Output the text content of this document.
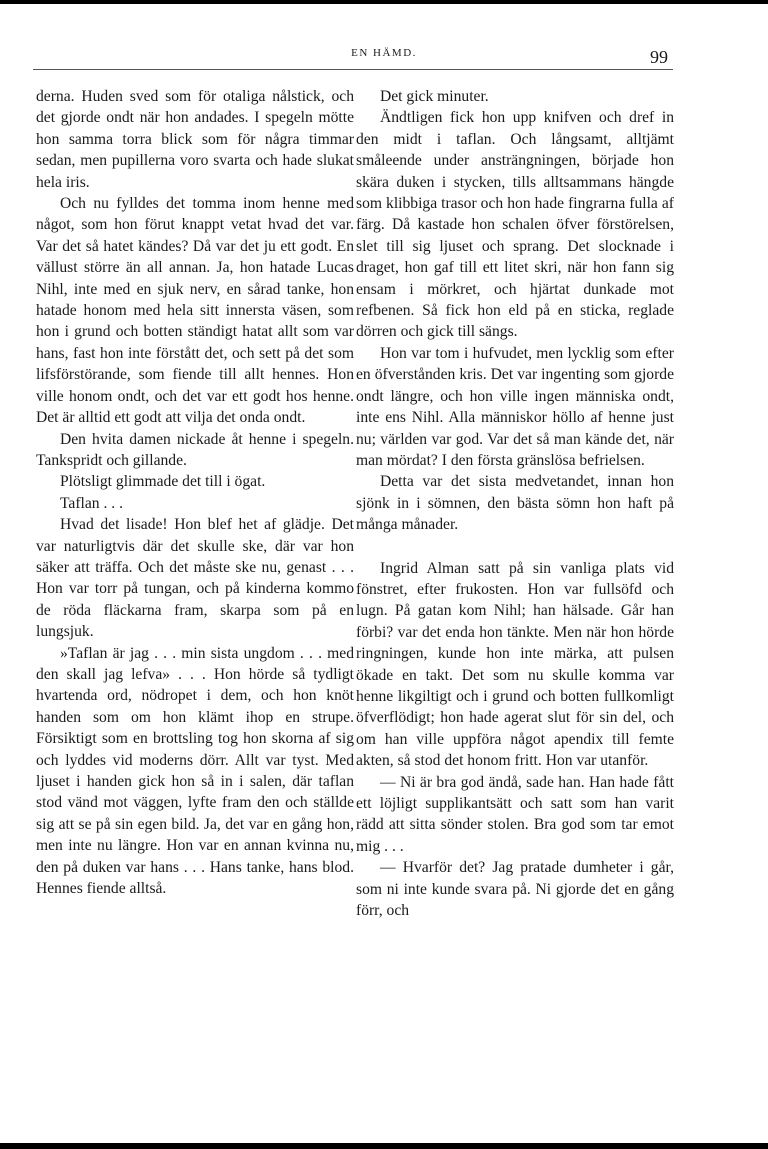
EN HÄMD.	99

derna. Huden sved som för otaliga nålstick, och det gjorde ondt när hon andades. I spegeln mötte hon samma torra blick som för några timmar sedan, men pupillerna voro svarta och hade slukat hela iris.

Och nu fylldes det tomma inom henne med något, som hon förut knappt vetat hvad det var. Var det så hatet kändes? Då var det ju ett godt. En vällust större än all annan. Ja, hon hatade Lucas Nihl, inte med en sjuk nerv, en sårad tanke, hon hatade honom med hela sitt innersta väsen, som hon i grund och botten ständigt hatat allt som var hans, fast hon inte förstått det, och sett på det som lifsförstörande, som fiende till allt hennes. Hon ville honom ondt, och det var ett godt hos henne. Det är alltid ett godt att vilja det onda ondt.

Den hvita damen nickade åt henne i spegeln. Tankspridt och gillande.

Plötsligt glimmade det till i ögat.

Taflan . . .

Hvad det lisade! Hon blef het af glädje. Det var naturligtvis där det skulle ske, där var hon säker att träffa. Och det måste ske nu, genast . . . Hon var torr på tungan, och på kinderna kommo de röda fläckarna fram, skarpa som på en lungsjuk.

»Taflan är jag . . . min sista ungdom . . . med den skall jag lefva» . . . Hon hörde så tydligt hvartenda ord, nödropet i dem, och hon knöt handen som om hon klämt ihop en strupe. Försiktigt som en brottsling tog hon skorna af sig och lyddes vid moderns dörr. Allt var tyst. Med ljuset i handen gick hon så in i salen, där taflan stod vänd mot väggen, lyfte fram den och ställde sig att se på sin egen bild. Ja, det var en gång hon, men inte nu längre. Hon var en annan kvinna nu, den på duken var hans . . . Hans tanke, hans blod. Hennes fiende alltså.

Det gick minuter.

Ändtligen fick hon upp knifven och dref in den midt i taflan. Och långsamt, alltjämt småleende under ansträngningen, började hon skära duken i stycken, tills alltsammans hängde som klibbiga trasor och hon hade fingrarna fulla af färg. Då kastade hon schalen öfver förstörelsen, slet till sig ljuset och sprang. Det slocknade i draget, hon gaf till ett litet skri, när hon fann sig ensam i mörkret, och hjärtat dunkade mot refbenen. Så fick hon eld på en sticka, reglade dörren och gick till sängs.

Hon var tom i hufvudet, men lycklig som efter en öfverstånden kris. Det var ingenting som gjorde ondt längre, och hon ville ingen människa ondt, inte ens Nihl. Alla människor höllo af henne just nu; världen var god. Var det så man kände det, när man mördat? I den första gränslösa befrielsen.

Detta var det sista medvetandet, innan hon sjönk in i sömnen, den bästa sömn hon haft på många månader.

Ingrid Alman satt på sin vanliga plats vid fönstret, efter frukosten. Hon var fullsöfd och lugn. På gatan kom Nihl; han hälsade. Går han förbi? var det enda hon tänkte. Men när hon hörde ringningen, kunde hon inte märka, att pulsen ökade en takt. Det som nu skulle komma var henne likgiltigt och i grund och botten fullkomligt öfverflödigt; hon hade agerat slut för sin del, och om han ville uppföra något apendix till femte akten, så stod det honom fritt. Hon var utanför.

— Ni är bra god ändå, sade han. Han hade fått ett löjligt supplikantsätt och satt som han varit rädd att sitta sönder stolen. Bra god som tar emot mig . . .

— Hvarför det? Jag pratade dumheter i går, som ni inte kunde svara på. Ni gjorde det en gång förr, och
